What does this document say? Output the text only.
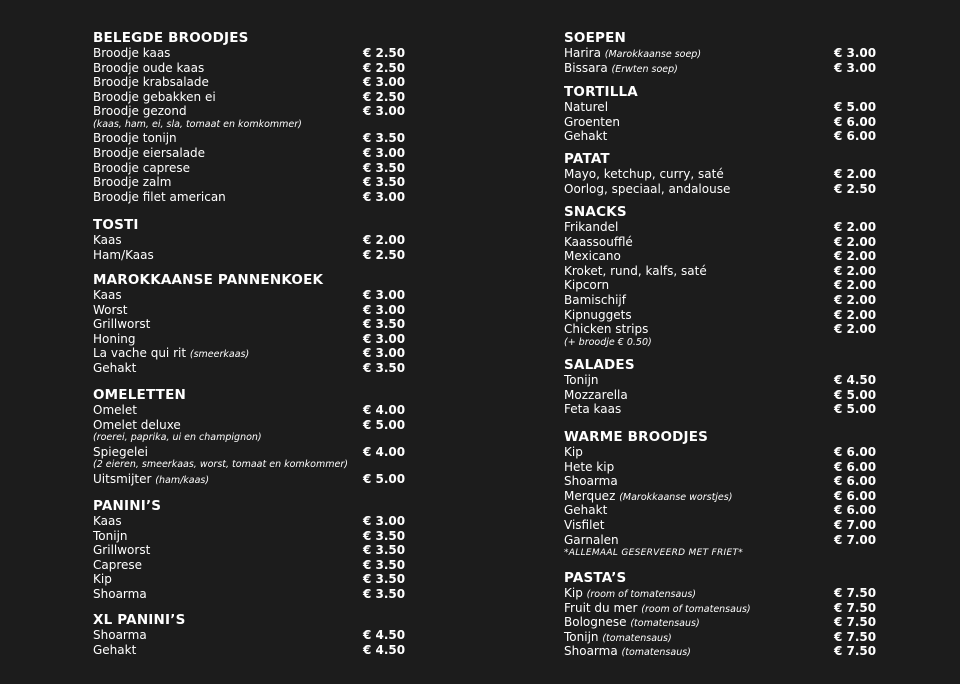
BELEGDE BROODJES
Broodje kaas	€ 2.50
Broodje oude kaas	€ 2.50
Broodje krabsalade	€ 3.00
Broodje gebakken ei	€ 2.50
Broodje gezond	€ 3.00
(kaas, ham, ei, sla, tomaat en komkommer)
Broodje tonijn	€ 3.50
Broodje eiersalade	€ 3.00
Broodje caprese	€ 3.50
Broodje zalm	€ 3.50
Broodje filet american	€ 3.00
TOSTI
Kaas	€ 2.00
Ham/Kaas	€ 2.50
MAROKKAANSE PANNENKOEK
Kaas	€ 3.00
Worst	€ 3.00
Grillworst	€ 3.50
Honing	€ 3.00
La vache qui rit (smeerkaas)	€ 3.00
Gehakt	€ 3.50
OMELETTEN
Omelet	€ 4.00
Omelet deluxe	€ 5.00
(roerei, paprika, ui en champignon)
Spiegelei	€ 4.00
(2 eieren, smeerkaas, worst, tomaat en komkommer)
Uitsmijter (ham/kaas)	€ 5.00
PANINI’S
Kaas	€ 3.00
Tonijn	€ 3.50
Grillworst	€ 3.50
Caprese	€ 3.50
Kip	€ 3.50
Shoarma	€ 3.50
XL PANINI’S
Shoarma	€ 4.50
Gehakt	€ 4.50
SOEPEN
Harira (Marokkaanse soep)	€ 3.00
Bissara (Erwten soep)	€ 3.00
TORTILLA
Naturel	€ 5.00
Groenten	€ 6.00
Gehakt	€ 6.00
PATAT
Mayo, ketchup, curry, saté	€ 2.00
Oorlog, speciaal, andalouse	€ 2.50
SNACKS
Frikandel	€ 2.00
Kaassoufflé	€ 2.00
Mexicano	€ 2.00
Kroket, rund, kalfs, saté	€ 2.00
Kipcorn	€ 2.00
Bamischijf	€ 2.00
Kipnuggets	€ 2.00
Chicken strips	€ 2.00
(+ broodje € 0.50)
SALADES
Tonijn	€ 4.50
Mozzarella	€ 5.00
Feta kaas	€ 5.00
WARME BROODJES
Kip	€ 6.00
Hete kip	€ 6.00
Shoarma	€ 6.00
Merquez (Marokkaanse worstjes)	€ 6.00
Gehakt	€ 6.00
Visfilet	€ 7.00
Garnalen	€ 7.00
*ALLEMAAL GESERVEERD MET FRIET*
PASTA’S
Kip (room of tomatensaus)	€ 7.50
Fruit du mer (room of tomatensaus)	€ 7.50
Bolognese (tomatensaus)	€ 7.50
Tonijn (tomatensaus)	€ 7.50
Shoarma (tomatensaus)	€ 7.50
